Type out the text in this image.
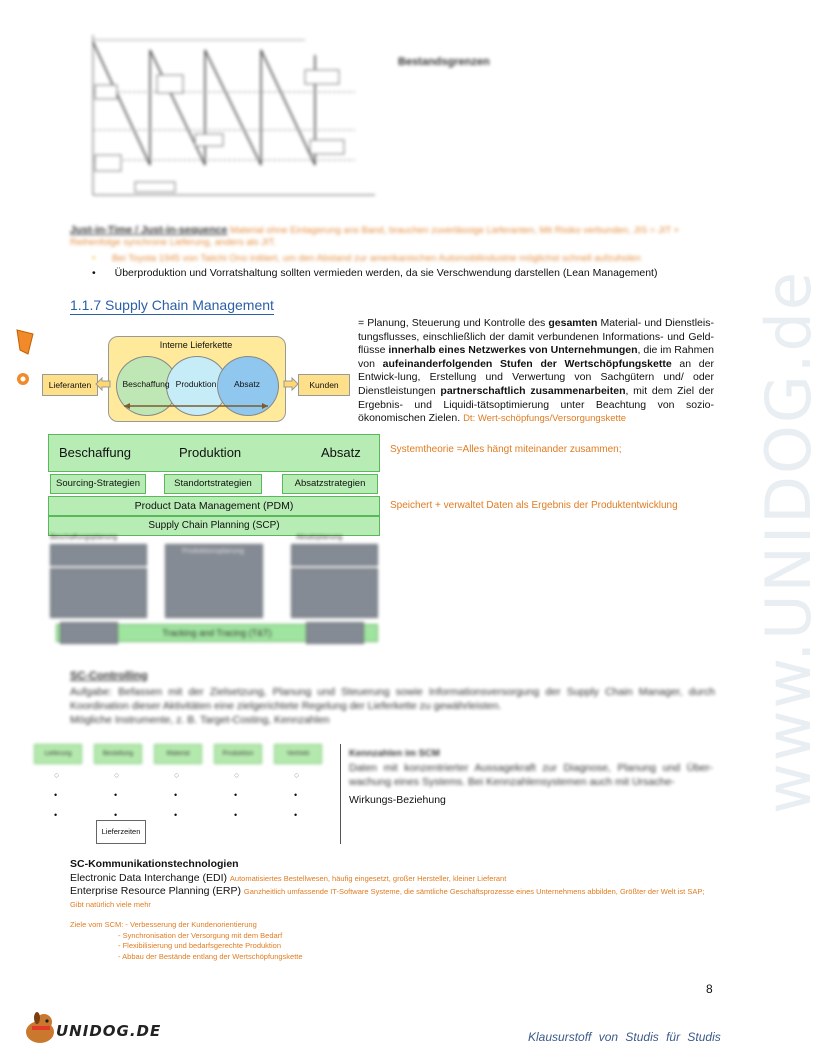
www.UNIDOG.de
Bestandsgrenzen
Just-in-Time / Just-in-sequence Material ohne Einlagerung ans Band, brauchen zuverlässige Lieferanten, Mit Risiko verbunden, JIS = JIT + Reihenfolge synchrone Lieferung, anders als JIT.
• Bei Toyota 1945 von Taiichi Ono initiiert, um den Abstand zur amerikanischen Automobilindustrie möglichst schnell aufzuholen
• Überproduktion und Vorratshaltung sollten vermieden werden, da sie Verschwendung darstellen (Lean Management)
1.1.7 Supply Chain Management
= Planung, Steuerung und Kontrolle des gesamten Material- und Dienstleis-tungsflusses, einschließlich der damit verbundenen Informations- und Geld-flüsse innerhalb eines Netzwerkes von Unternehmungen, die im Rahmen von aufeinanderfolgenden Stufen der Wertschöpfungskette an der Entwick-lung, Erstellung und Verwertung von Sachgütern und/ oder Dienstleistungen partnerschaftlich zusammenarbeiten, mit dem Ziel der Ergebnis- und Liquidi-tätsoptimierung unter Beachtung von sozio-ökonomischen Zielen. Dt: Wert-schöpfungs/Versorgungskette
Interne Lieferkette
Beschaffung Produktion	Absatz
Lieferanten	Kunden
Beschaffung	Produktion	Absatz
Sourcing-Strategien	Standortstrategien	Absatzstrategien
Product Data Management (PDM)
Supply Chain Planning (SCP)
Beschaffungsplanung	Absatzplanung
Produktionsplanung
Tracking and Tracing (T&T)
Systemtheorie =Alles hängt miteinander zusammen;
Speichert + verwaltet Daten als Ergebnis der Produktentwicklung
SC-Controlling
Aufgabe: Befassen mit der Zielsetzung, Planung und Steuerung sowie Informationsversorgung der Supply Chain Manager, durch Koordination dieser Aktivitäten eine zielgerichtete Regelung der Lieferkette zu gewährleisten.
Mögliche Instrumente, z. B. Target-Costing, Kennzahlen
Lieferung
○
•
•
Bestellung
○
•
•
Material
○
•
•
Produktion
○
•
•
Vertrieb
○
•
•
Lieferzeiten
Kennzahlen im SCM
Daten mit konzentrierter Aussagekraft zur Diagnose, Planung und Über-wachung eines Systems. Bei Kennzahlensystemen auch mit Ursache-
Wirkungs-Beziehung
SC-Kommunikationstechnologien
Electronic Data Interchange (EDI) Automatisiertes Bestellwesen, häufig eingesetzt, großer Hersteller, kleiner Lieferant
Enterprise Resource Planning (ERP) Ganzheitlich umfassende IT-Software Systeme, die sämtliche Geschäftsprozesse eines Unternehmens abbilden, Größter der Welt ist SAP; Gibt natürlich viele mehr
Ziele vom SCM: - Verbesserung der Kundenorientierung
- Synchronisation der Versorgung mit dem Bedarf
- Flexibilisierung und bedarfsgerechte Produktion
- Abbau der Bestände entlang der Wertschöpfungskette
8
UNIDOG.DE	Klausurstoff von Studis für Studis
